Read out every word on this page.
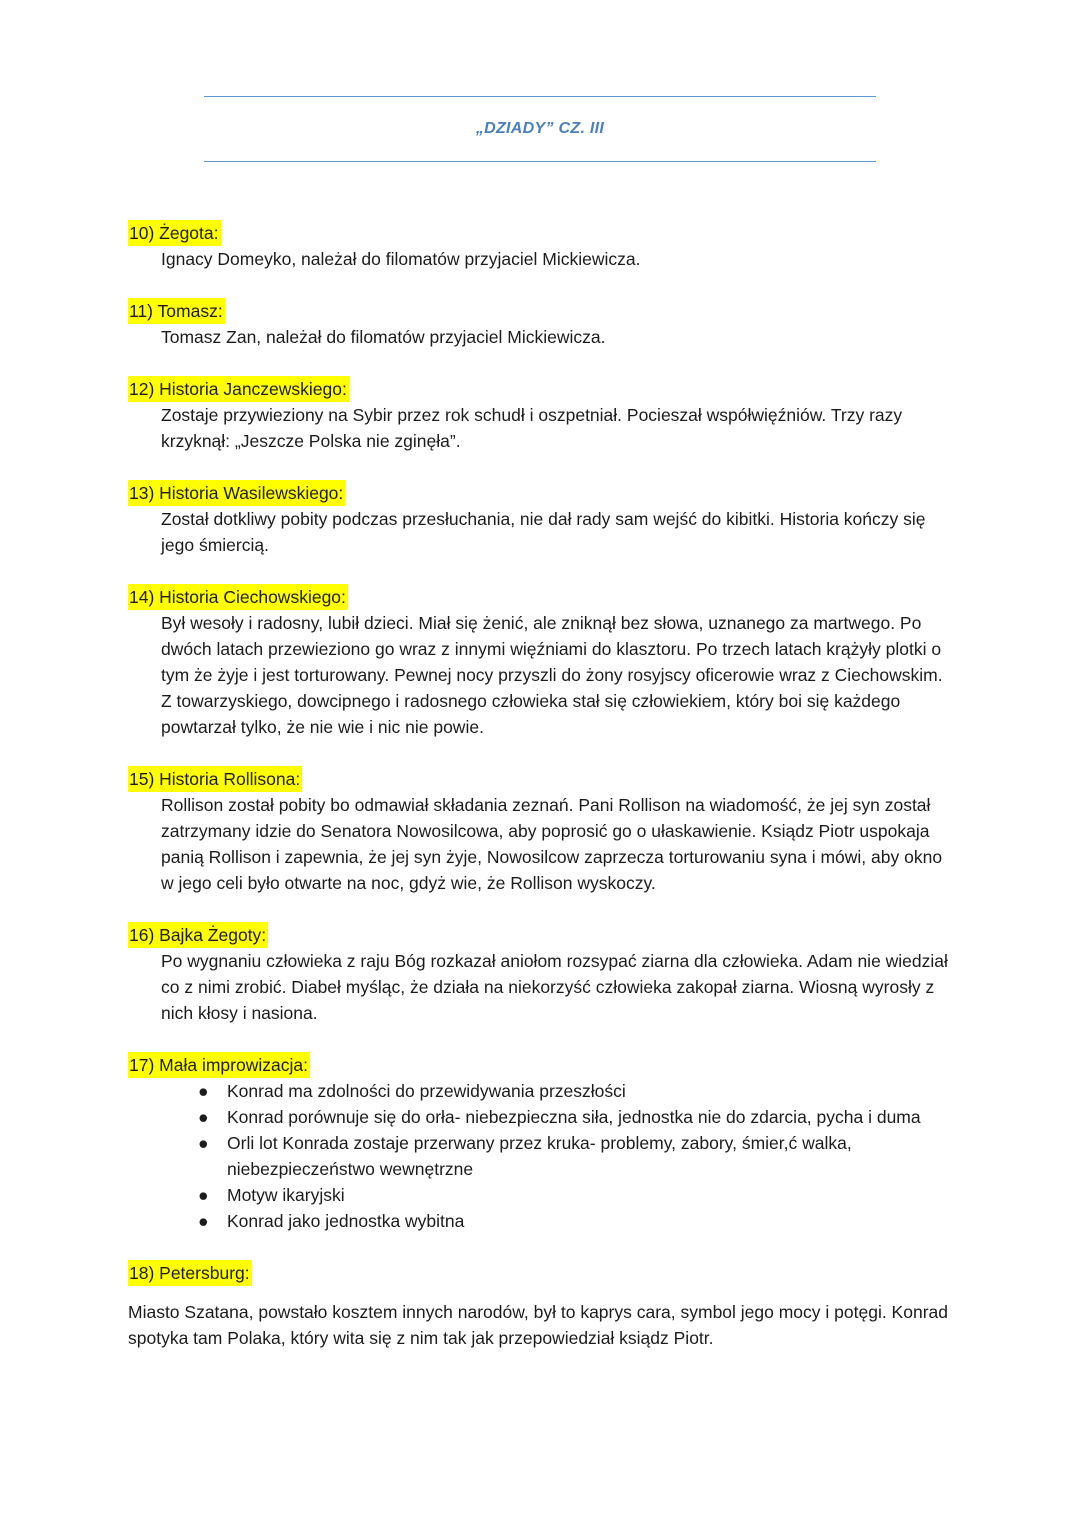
„DZIADY” CZ. III
10) Żegota:
Ignacy Domeyko, należał do filomatów przyjaciel Mickiewicza.
11) Tomasz:
Tomasz Zan, należał do filomatów przyjaciel Mickiewicza.
12) Historia Janczewskiego:
Zostaje przywieziony na Sybir przez rok schudł i oszpetniał. Pocieszał współwięźniów. Trzy razy krzyknął: „Jeszcze Polska nie zginęła”.
13) Historia Wasilewskiego:
Został dotkliwy pobity podczas przesłuchania, nie dał rady sam wejść do kibitki. Historia kończy się jego śmiercią.
14) Historia Ciechowskiego:
Był wesoły i radosny, lubił dzieci. Miał się żenić, ale zniknął bez słowa, uznanego za martwego. Po dwóch latach przewieziono go wraz z innymi więźniami do klasztoru. Po trzech latach krążyły plotki o tym że żyje i jest torturowany. Pewnej nocy przyszli do żony rosyjscy oficerowie wraz z Ciechowskim. Z towarzyskiego, dowcipnego i radosnego człowieka stał się człowiekiem, który boi się każdego powtarzał tylko, że nie wie i nic nie powie.
15) Historia Rollisona:
Rollison został pobity bo odmawiał składania zeznań. Pani Rollison na wiadomość, że jej syn został zatrzymany idzie do Senatora Nowosilcowa, aby poprosić go o ułaskawienie. Ksiądz Piotr uspokaja panią Rollison i zapewnia, że jej syn żyje, Nowosilcow zaprzecza torturowaniu syna i mówi, aby okno w jego celi było otwarte na noc, gdyż wie, że Rollison wyskoczy.
16) Bajka Żegoty:
Po wygnaniu człowieka z raju Bóg rozkazał aniołom rozsypać ziarna dla człowieka. Adam nie wiedział co z nimi zrobić. Diabeł myśląc, że działa na niekorzyść człowieka zakopał ziarna. Wiosną wyrosły z nich kłosy i nasiona.
17) Mała improwizacja:
● Konrad ma zdolności do przewidywania przeszłości
● Konrad porównuje się do orła- niebezpieczna siła, jednostka nie do zdarcia, pycha i duma
● Orli lot Konrada zostaje przerwany przez kruka- problemy, zabory, śmier,ć walka, niebezpieczeństwo wewnętrzne
● Motyw ikaryjski
● Konrad jako jednostka wybitna
18) Petersburg:
Miasto Szatana, powstało kosztem innych narodów, był to kaprys cara, symbol jego mocy i potęgi. Konrad spotyka tam Polaka, który wita się z nim tak jak przepowiedział ksiądz Piotr.
